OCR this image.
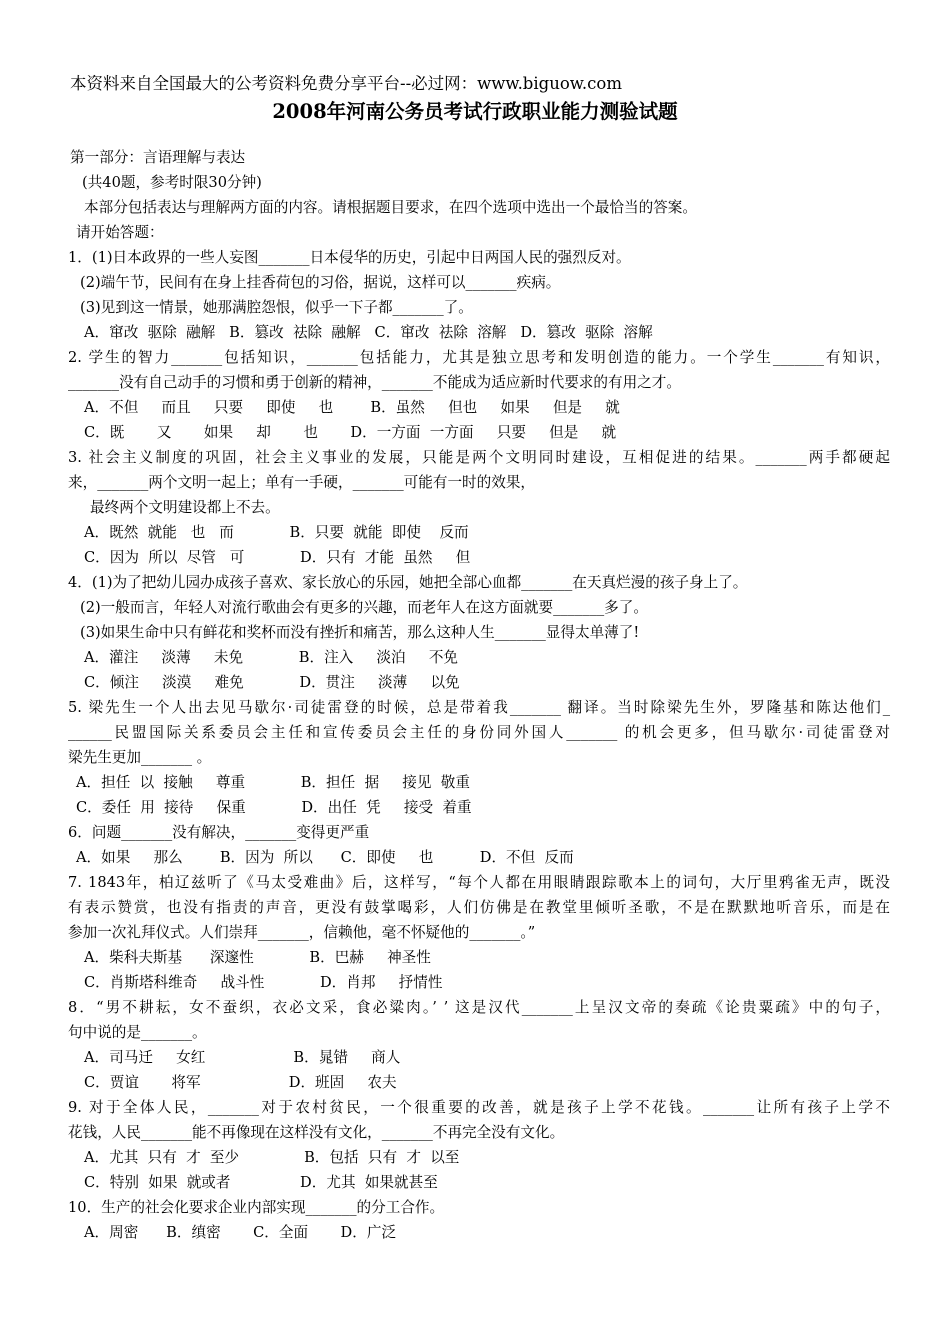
本资料来自全国最大的公考资料免费分享平台--必过网：www.biguow.com
2008年河南公务员考试行政职业能力测验试题
第一部分：言语理解与表达
(共40题，参考时限30分钟)
本部分包括表达与理解两方面的内容。请根据题目要求，在四个选项中选出一个最恰当的答案。
请开始答题：
1．(1)日本政界的一些人妄图_______日本侵华的历史，引起中日两国人民的强烈反对。
(2)端午节，民间有在身上挂香荷包的习俗，据说，这样可以_______疾病。
(3)见到这一情景，她那满腔怨恨，似乎一下子都_______了。
A．窜改  驱除  融解   B．篡改  祛除  融解   C．窜改  祛除  溶解   D．篡改  驱除  溶解
2. 学生的智力_______包括知识，_______包括能力，尤其是独立思考和发明创造的能力。一个学生_______有知识，
_______没有自己动手的习惯和勇于创新的精神，_______不能成为适应新时代要求的有用之才。
A．不但     而且     只要     即使     也        B．虽然     但也     如果     但是     就
C．既       又       如果     却       也       D．一方面  一方面     只要     但是     就
3. 社会主义制度的巩固，社会主义事业的发展，只能是两个文明同时建设，互相促进的结果。_______两手都硬起
来，_______两个文明一起上；单有一手硬，_______可能有一时的效果，
最终两个文明建设都上不去。
A．既然  就能   也   而            B．只要  就能  即使    反而
C．因为  所以  尽管   可            D．只有  才能  虽然     但
4．(1)为了把幼儿园办成孩子喜欢、家长放心的乐园，她把全部心血都_______在天真烂漫的孩子身上了。
(2)一般而言，年轻人对流行歌曲会有更多的兴趣，而老年人在这方面就要_______多了。
(3)如果生命中只有鲜花和奖杯而没有挫折和痛苦，那么这种人生_______显得太单薄了!
A．灌注     淡薄     未免            B．注入     淡泊     不免
C．倾注     淡漠     难免            D．贯注     淡薄     以免
5. 梁先生一个人出去见马歇尔·司徒雷登的时候，总是带着我_______ 翻译。当时除梁先生外，罗隆基和陈达他们_
______民盟国际关系委员会主任和宣传委员会主任的身份同外国人_______ 的机会更多，但马歇尔·司徒雷登对
梁先生更加_______ 。
A．担任  以  接触     尊重            B．担任  据     接见  敬重
C．委任  用  接待     保重            D．出任  凭     接受  着重
6．问题_______没有解决，_______变得更严重
A．如果     那么        B．因为  所以      C．即使     也          D．不但  反而
7. 1843年，柏辽兹听了《马太受难曲》后，这样写，“每个人都在用眼睛跟踪歌本上的词句，大厅里鸦雀无声，既没
有表示赞赏，也没有指责的声音，更没有鼓掌喝彩，人们仿佛是在教堂里倾听圣歌，不是在默默地听音乐，而是在
参加一次礼拜仪式。人们崇拜_______，信赖他，毫不怀疑他的_______。”
A．柴科夫斯基      深邃性            B．巴赫     神圣性
C．肖斯塔科维奇     战斗性            D．肖邦     抒情性
8．“男不耕耘，女不蚕织，衣必文采，食必粱肉。’ ’ 这是汉代_______上呈汉文帝的奏疏《论贵粟疏》中的句子，
句中说的是_______。
A．司马迁     女红                   B．晁错     商人
C．贾谊       将军                   D．班固     农夫
9. 对于全体人民，_______对于农村贫民，一个很重要的改善，就是孩子上学不花钱。_______让所有孩子上学不
花钱，人民_______能不再像现在这样没有文化，_______不再完全没有文化。
A．尤其  只有  才  至少              B．包括  只有  才  以至
C．特别  如果  就或者               D．尤其  如果就甚至
10．生产的社会化要求企业内部实现_______的分工合作。
A．周密      B．缜密       C．全面       D．广泛
